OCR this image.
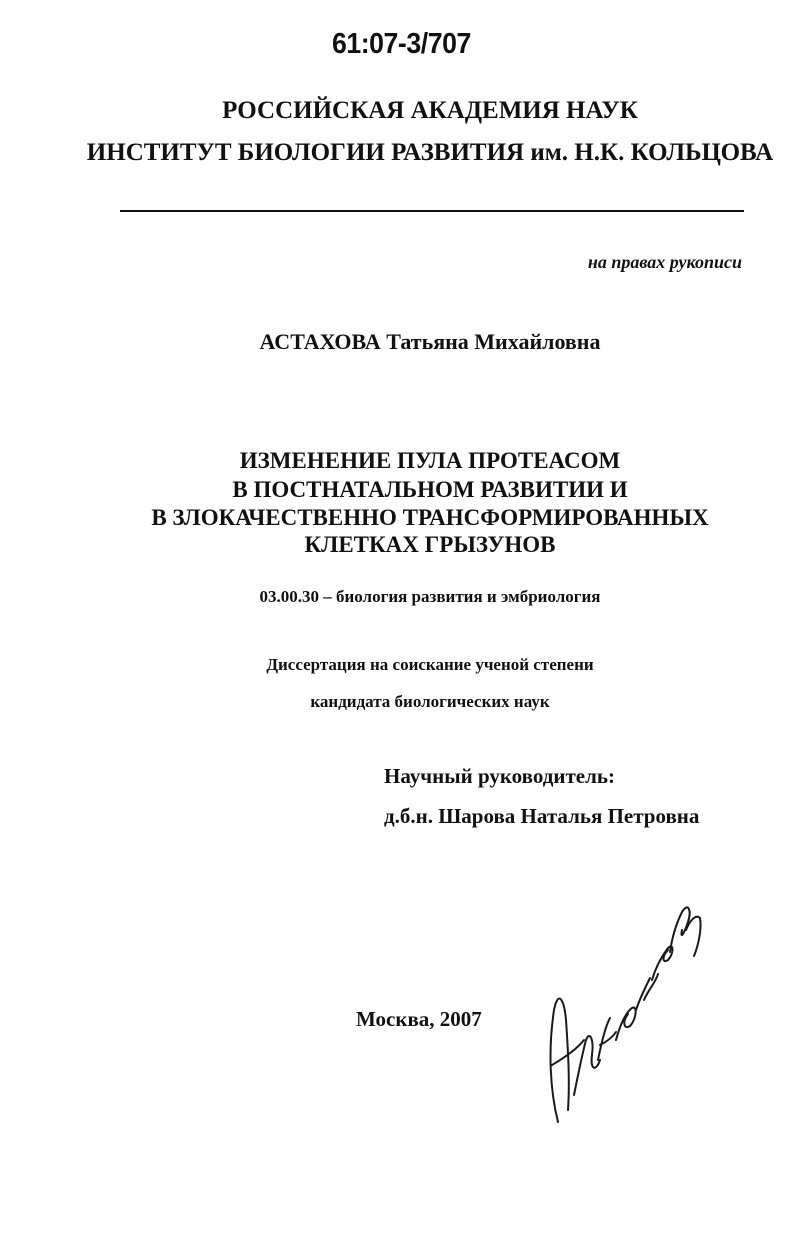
61:07-3/707
РОССИЙСКАЯ АКАДЕМИЯ НАУК
ИНСТИТУТ БИОЛОГИИ РАЗВИТИЯ им. Н.К. КОЛЬЦОВА
на правах рукописи
АСТАХОВА Татьяна Михайловна
ИЗМЕНЕНИЕ ПУЛА ПРОТЕАСОМ
В ПОСТНАТАЛЬНОМ РАЗВИТИИ И
В ЗЛОКАЧЕСТВЕННО ТРАНСФОРМИРОВАННЫХ
КЛЕТКАХ ГРЫЗУНОВ
03.00.30 – биология развития и эмбриология
Диссертация на соискание ученой степени
кандидата биологических наук
Научный руководитель:
д.б.н. Шарова Наталья Петровна
Москва, 2007
